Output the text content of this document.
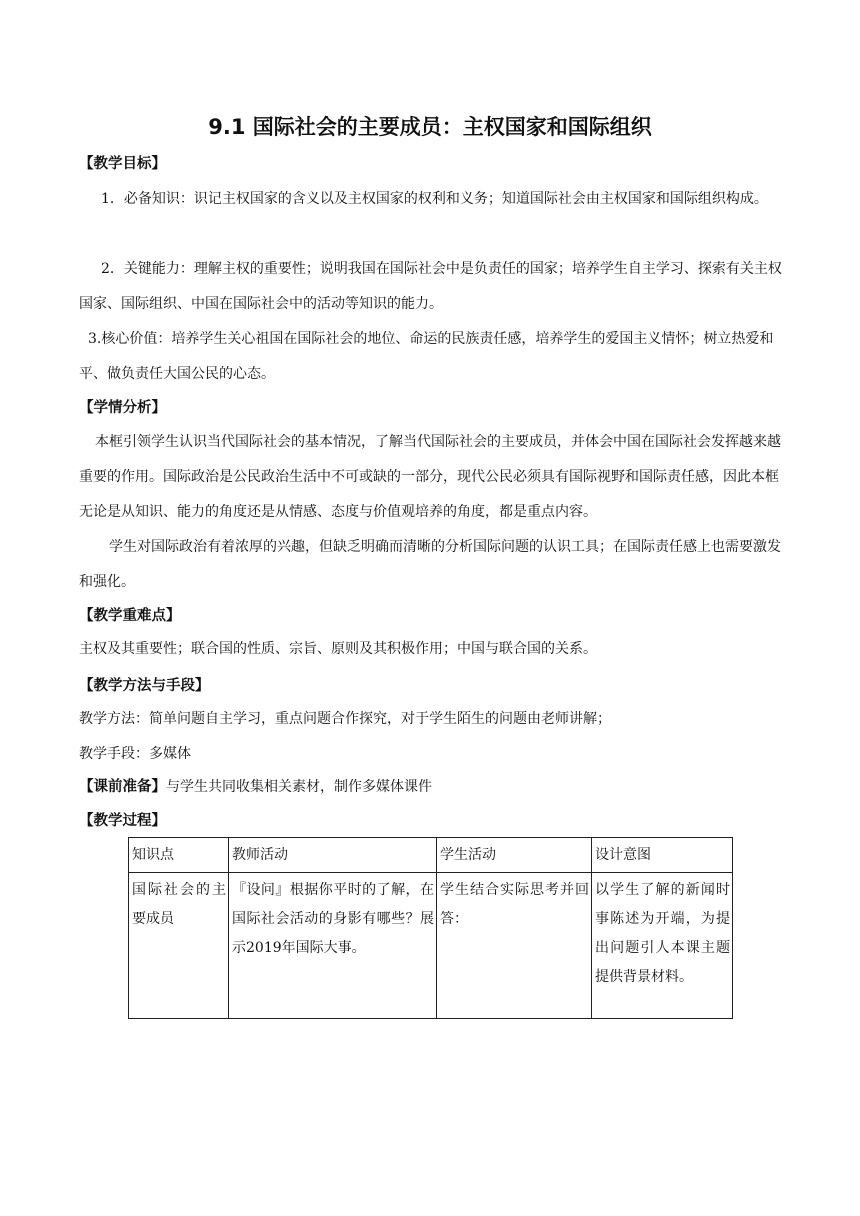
9.1 国际社会的主要成员：主权国家和国际组织
【教学目标】
1．必备知识：识记主权国家的含义以及主权国家的权利和义务；知道国际社会由主权国家和国际组织构成。
2．关键能力：理解主权的重要性；说明我国在国际社会中是负责任的国家；培养学生自主学习、探索有关主权国家、国际组织、中国在国际社会中的活动等知识的能力。
3.核心价值：培养学生关心祖国在国际社会的地位、命运的民族责任感，培养学生的爱国主义情怀；树立热爱和平、做负责任大国公民的心态。
【学情分析】
本框引领学生认识当代国际社会的基本情况，了解当代国际社会的主要成员，并体会中国在国际社会发挥越来越重要的作用。国际政治是公民政治生活中不可或缺的一部分，现代公民必须具有国际视野和国际责任感，因此本框无论是从知识、能力的角度还是从情感、态度与价值观培养的角度，都是重点内容。
学生对国际政治有着浓厚的兴趣，但缺乏明确而清晰的分析国际问题的认识工具；在国际责任感上也需要激发和强化。
【教学重难点】
主权及其重要性；联合国的性质、宗旨、原则及其积极作用；中国与联合国的关系。
【教学方法与手段】
教学方法：简单问题自主学习，重点问题合作探究，对于学生陌生的问题由老师讲解；
教学手段：多媒体
【课前准备】与学生共同收集相关素材，制作多媒体课件
【教学过程】
知识点	教师活动	学生活动	设计意图
国际社会的主要成员	『设问』根据你平时的了解，在国际社会活动的身影有哪些？展示2019年国际大事。	学生结合实际思考并回答：	以学生了解的新闻时事陈述为开端，为提出问题引人本课主题提供背景材料。
